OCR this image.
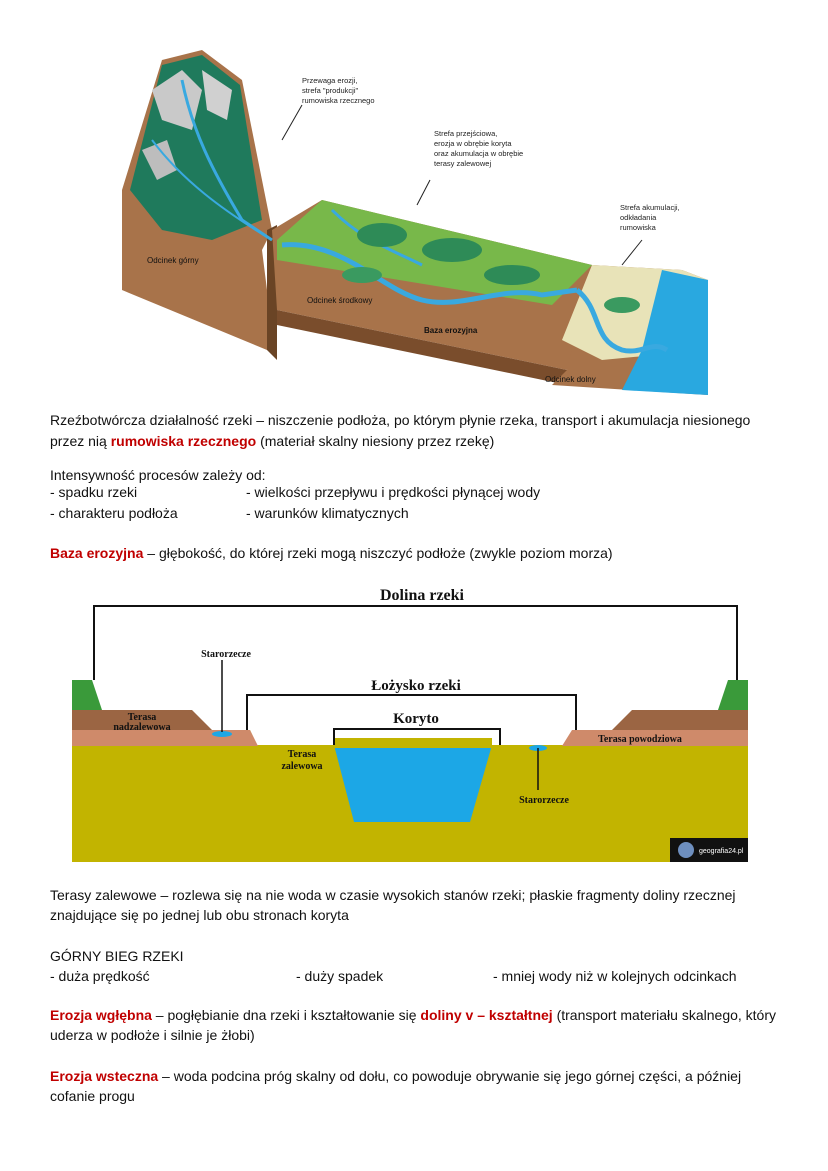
Przewaga erozji,
strefa "produkcji"
rumowiska rzecznego
Strefa przejściowa,
erozja w obrębie koryta
oraz akumulacja w obrębie
terasy zalewowej
Strefa akumulacji,
odkładania
rumowiska
Odcinek górny
Odcinek środkowy
Baza erozyjna
Odcinek dolny
Rzeźbotwórcza działalność rzeki – niszczenie podłoża, po którym płynie rzeka, transport i akumulacja niesionego
przez nią rumowiska rzecznego (materiał skalny niesiony przez rzekę)
Intensywność procesów zależy od:
- spadku rzeki	- wielkości przepływu i prędkości płynącej wody
- charakteru podłoża	- warunków klimatycznych
Baza erozyjna – głębokość, do której rzeki mogą niszczyć podłoże (zwykle poziom morza)
Dolina rzeki
Łożysko rzeki
Koryto
Starorzecze
Starorzecze
Terasa
nadzalewowa
Terasa
zalewowa
Terasa powodziowa
geografia24.pl
Terasy zalewowe – rozlewa się na nie woda w czasie wysokich stanów rzeki; płaskie fragmenty doliny rzecznej
znajdujące się po jednej lub obu stronach koryta
GÓRNY BIEG RZEKI
- duża prędkość	- duży spadek	- mniej wody niż w kolejnych odcinkach
Erozja wgłębna – pogłębianie dna rzeki i kształtowanie się doliny v – kształtnej (transport materiału skalnego, który
uderza w podłoże i silnie je żłobi)
Erozja wsteczna – woda podcina próg skalny od dołu, co powoduje obrywanie się jego górnej części, a później
cofanie progu
